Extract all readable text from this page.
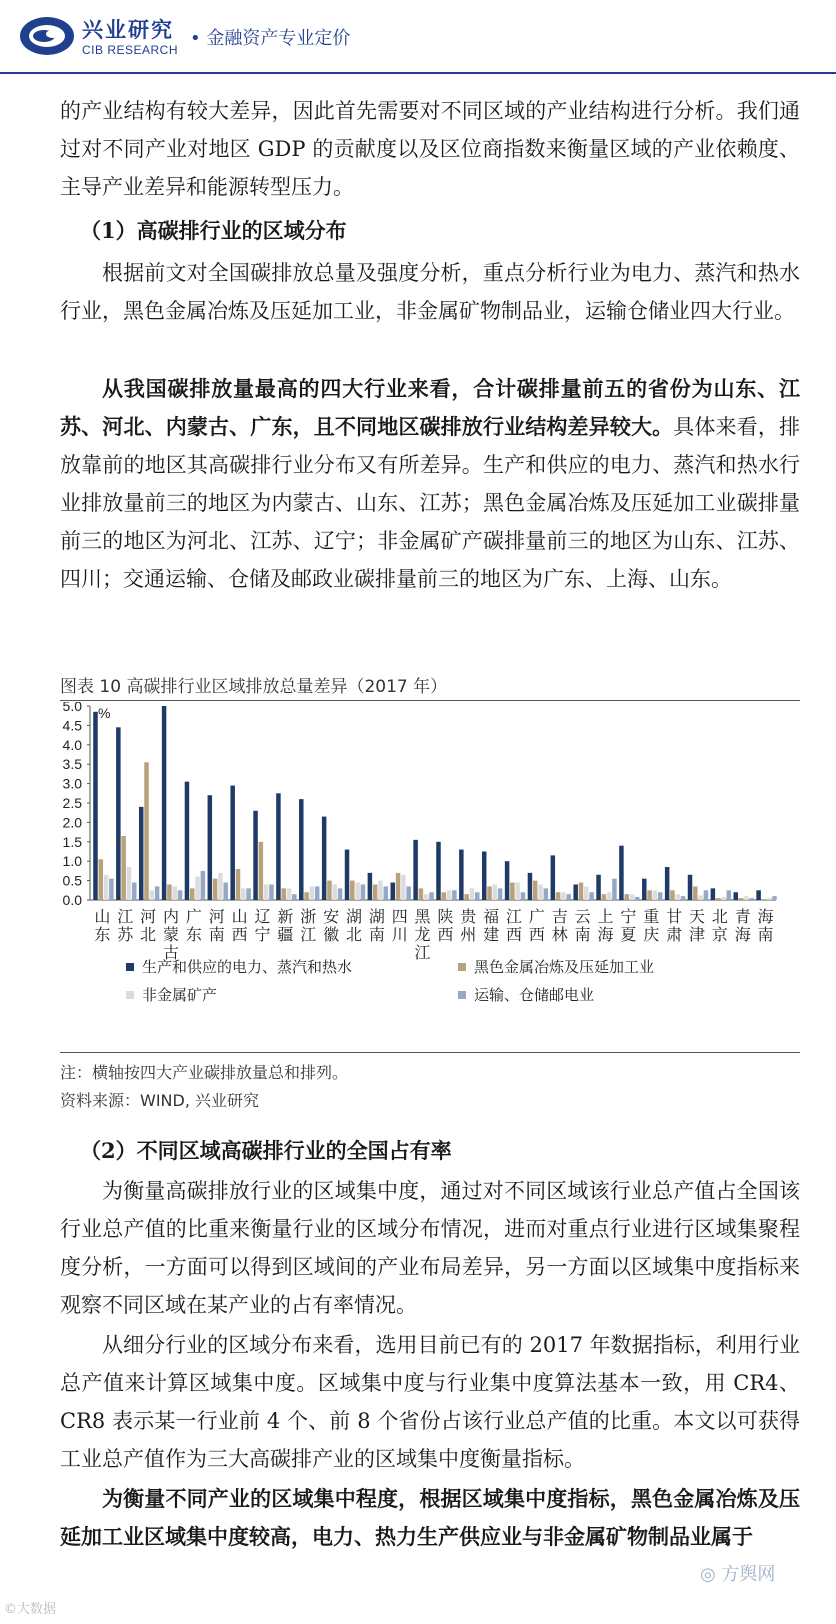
兴业研究
CIB RESEARCH
• 金融资产专业定价

的产业结构有较大差异，因此首先需要对不同区域的产业结构进行分析。我们通过对不同产业对地区 GDP 的贡献度以及区位商指数来衡量区域的产业依赖度、主导产业差异和能源转型压力。

（1）高碳排行业的区域分布

根据前文对全国碳排放总量及强度分析，重点分析行业为电力、蒸汽和热水行业，黑色金属冶炼及压延加工业，非金属矿物制品业，运输仓储业四大行业。

从我国碳排放量最高的四大行业来看，合计碳排量前五的省份为山东、江苏、河北、内蒙古、广东，且不同地区碳排放行业结构差异较大。具体来看，排放靠前的地区其高碳排行业分布又有所差异。生产和供应的电力、蒸汽和热水行业排放量前三的地区为内蒙古、山东、江苏；黑色金属冶炼及压延加工业碳排量前三的地区为河北、江苏、辽宁；非金属矿产碳排量前三的地区为山东、江苏、四川；交通运输、仓储及邮政业碳排量前三的地区为广东、上海、山东。

图表 10 高碳排行业区域排放总量差异（2017 年）
5.0
4.5
4.0
3.5
3.0
2.5
2.0
1.5
1.0
0.5
0.0
%
山东
江苏
河北
内蒙古
广东
河南
山西
辽宁
新疆
浙江
安徽
湖北
湖南
四川
黑龙江
陕西
贵州
福建
江西
广西
吉林
云南
上海
宁夏
重庆
甘肃
天津
北京
青海
海南
生产和供应的电力、蒸汽和热水	黑色金属冶炼及压延加工业
非金属矿产	运输、仓储邮电业
注：横轴按四大产业碳排放量总和排列。
资料来源：WIND, 兴业研究

（2）不同区域高碳排行业的全国占有率

为衡量高碳排放行业的区域集中度，通过对不同区域该行业总产值占全国该行业总产值的比重来衡量行业的区域分布情况，进而对重点行业进行区域集聚程度分析，一方面可以得到区域间的产业布局差异，另一方面以区域集中度指标来观察不同区域在某产业的占有率情况。

从细分行业的区域分布来看，选用目前已有的 2017 年数据指标，利用行业总产值来计算区域集中度。区域集中度与行业集中度算法基本一致，用 CR4、CR8 表示某一行业前 4 个、前 8 个省份占该行业总产值的比重。本文以可获得工业总产值作为三大高碳排产业的区域集中度衡量指标。

为衡量不同产业的区域集中程度，根据区域集中度指标，黑色金属冶炼及压延加工业区域集中度较高，电力、热力生产供应业与非金属矿物制品业属于

©大数据
◎ 方舆网
